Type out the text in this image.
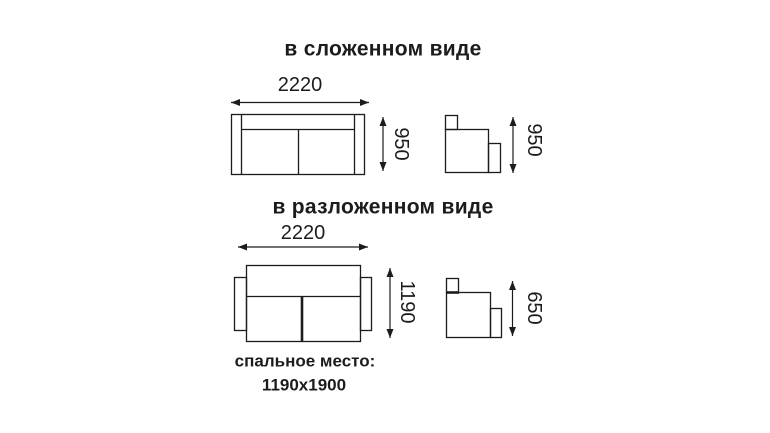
в сложенном виде
2220
950	950
в разложенном виде
2220
1190	650
спальное место:
1190х1900
